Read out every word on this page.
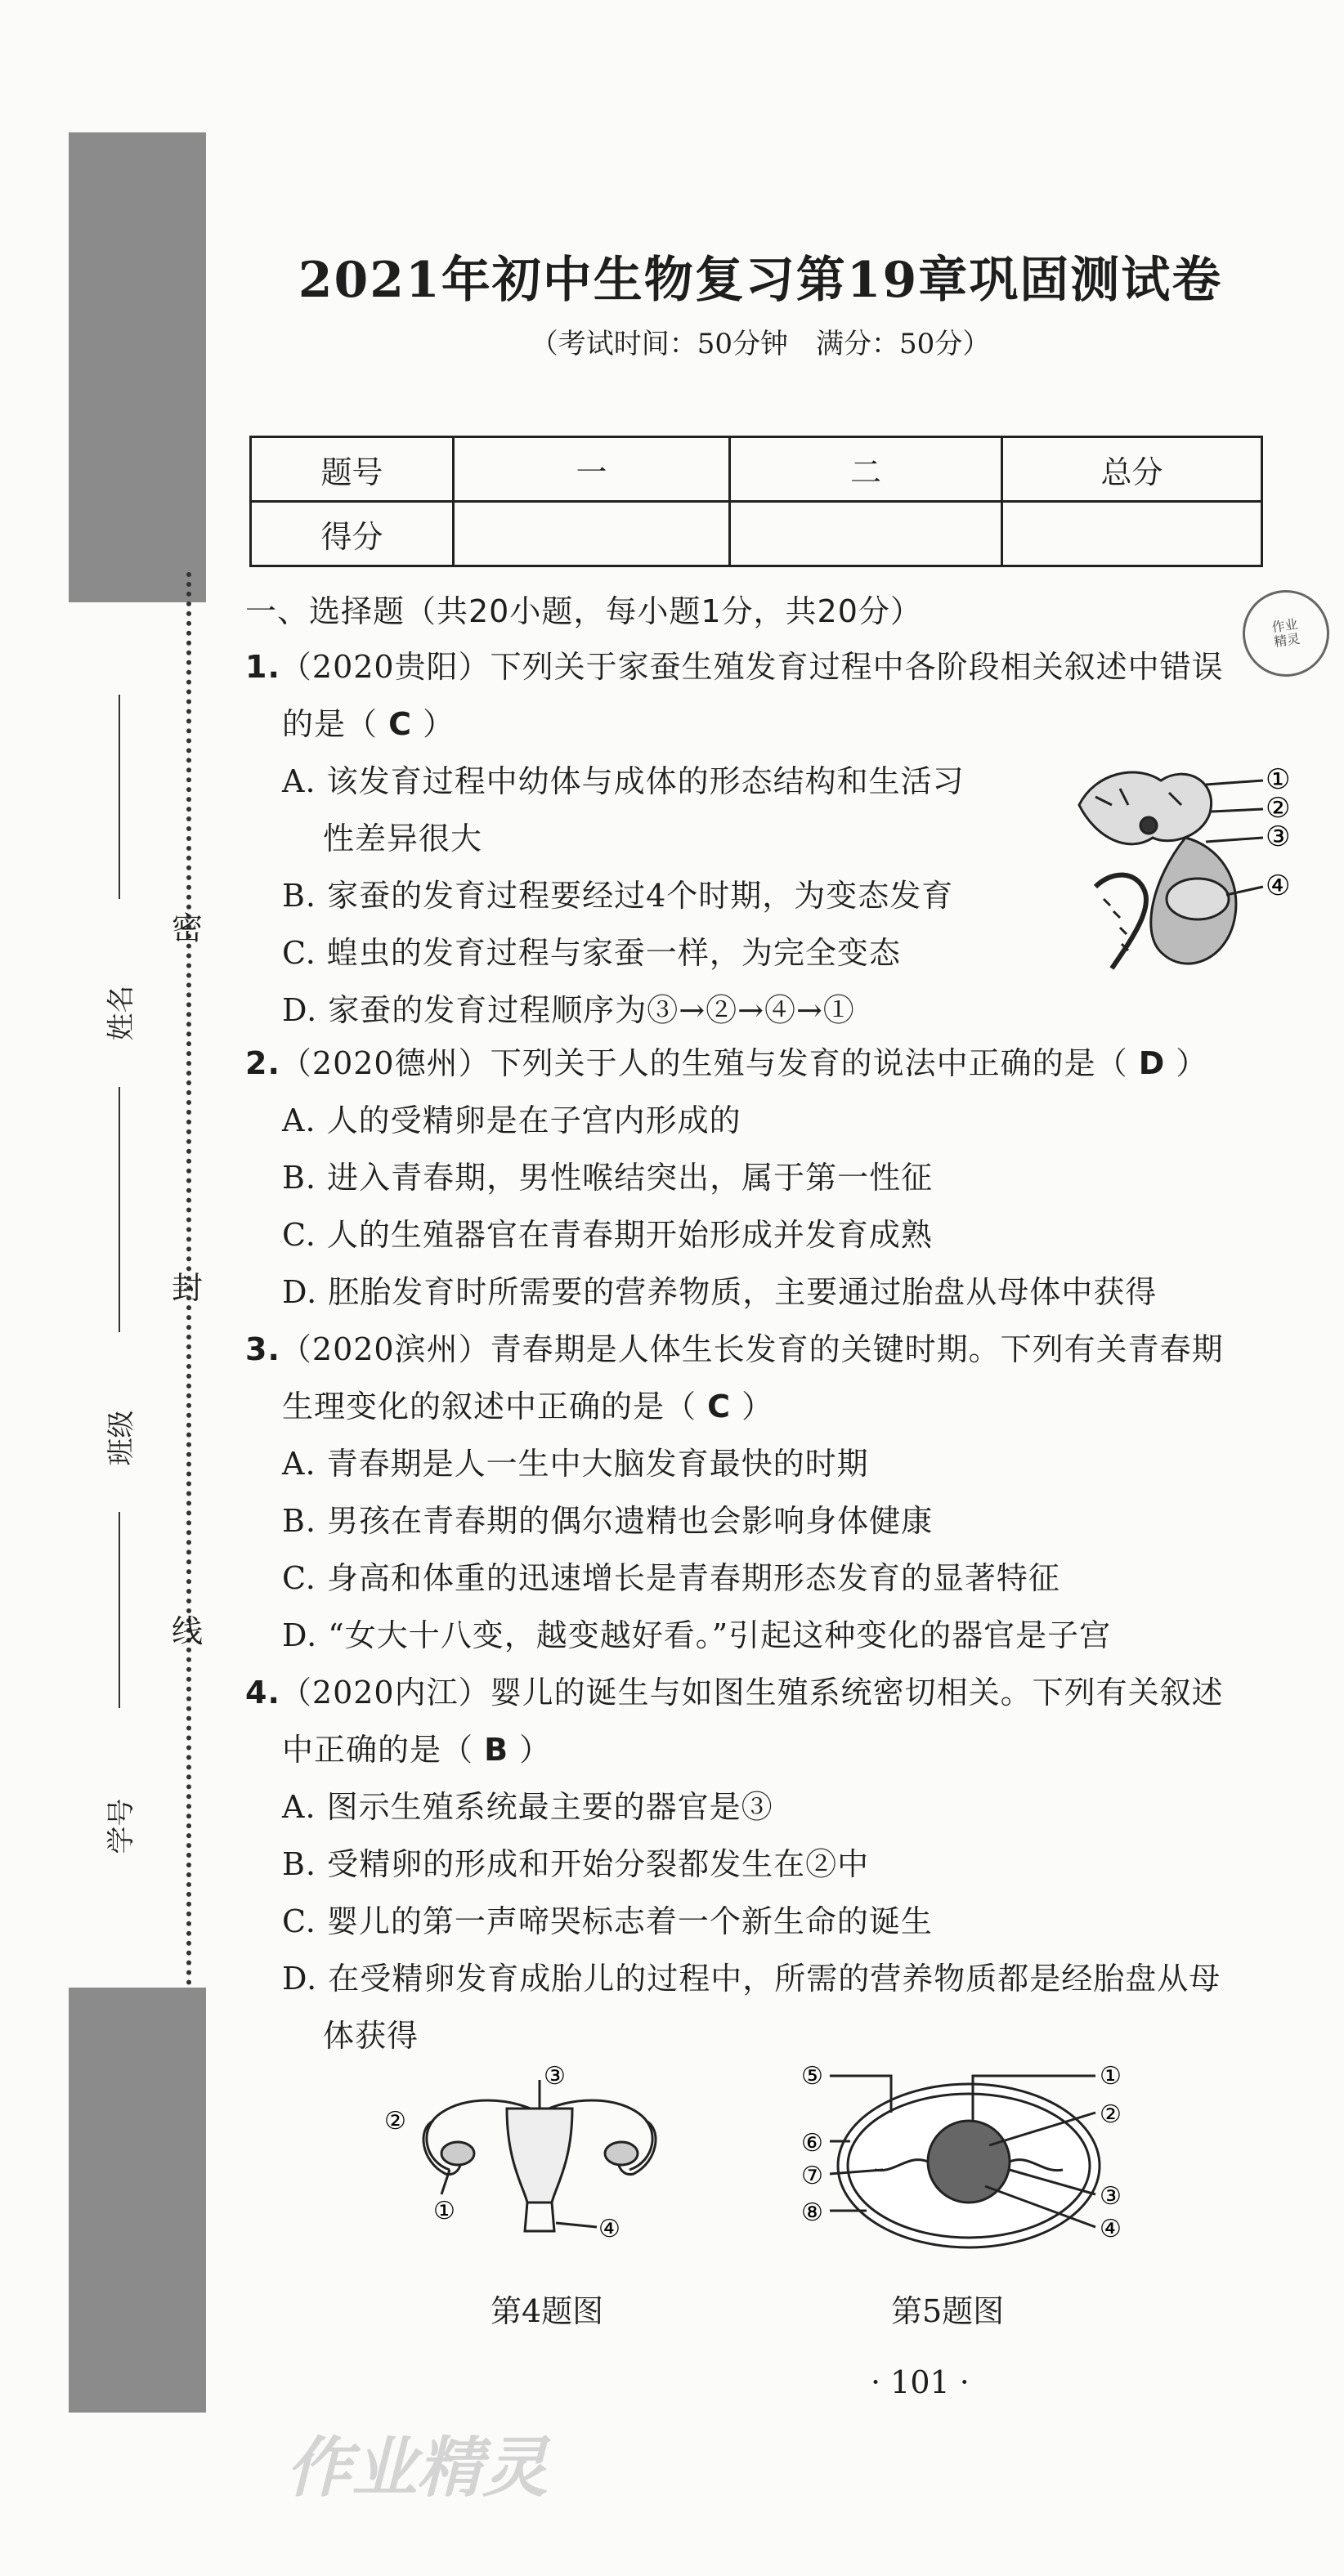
密
封
线
姓名
班级
学号
2021年初中生物复习第19章巩固测试卷
（考试时间：50分钟　满分：50分）
题号	一	二	总分
得分			
作业
精灵
一、选择题（共20小题，每小题1分，共20分）
1.（2020贵阳）下列关于家蚕生殖发育过程中各阶段相关叙述中错误
的是（ C ）
A. 该发育过程中幼体与成体的形态结构和生活习
性差异很大
B. 家蚕的发育过程要经过4个时期，为变态发育
C. 蝗虫的发育过程与家蚕一样，为完全变态
D. 家蚕的发育过程顺序为③→②→④→①
①
②
③
④
2.（2020德州）下列关于人的生殖与发育的说法中正确的是（ D ）
A. 人的受精卵是在子宫内形成的
B. 进入青春期，男性喉结突出，属于第一性征
C. 人的生殖器官在青春期开始形成并发育成熟
D. 胚胎发育时所需要的营养物质，主要通过胎盘从母体中获得
3.（2020滨州）青春期是人体生长发育的关键时期。下列有关青春期
生理变化的叙述中正确的是（ C ）
A. 青春期是人一生中大脑发育最快的时期
B. 男孩在青春期的偶尔遗精也会影响身体健康
C. 身高和体重的迅速增长是青春期形态发育的显著特征
D. “女大十八变，越变越好看。”引起这种变化的器官是子宫
4.（2020内江）婴儿的诞生与如图生殖系统密切相关。下列有关叙述
中正确的是（ B ）
A. 图示生殖系统最主要的器官是③
B. 受精卵的形成和开始分裂都发生在②中
C. 婴儿的第一声啼哭标志着一个新生命的诞生
D. 在受精卵发育成胎儿的过程中，所需的营养物质都是经胎盘从母
体获得
③
②
①
④
第4题图
⑤	①
②
⑥
⑦
③
⑧
④
第5题图
· 101 ·
作业精灵
